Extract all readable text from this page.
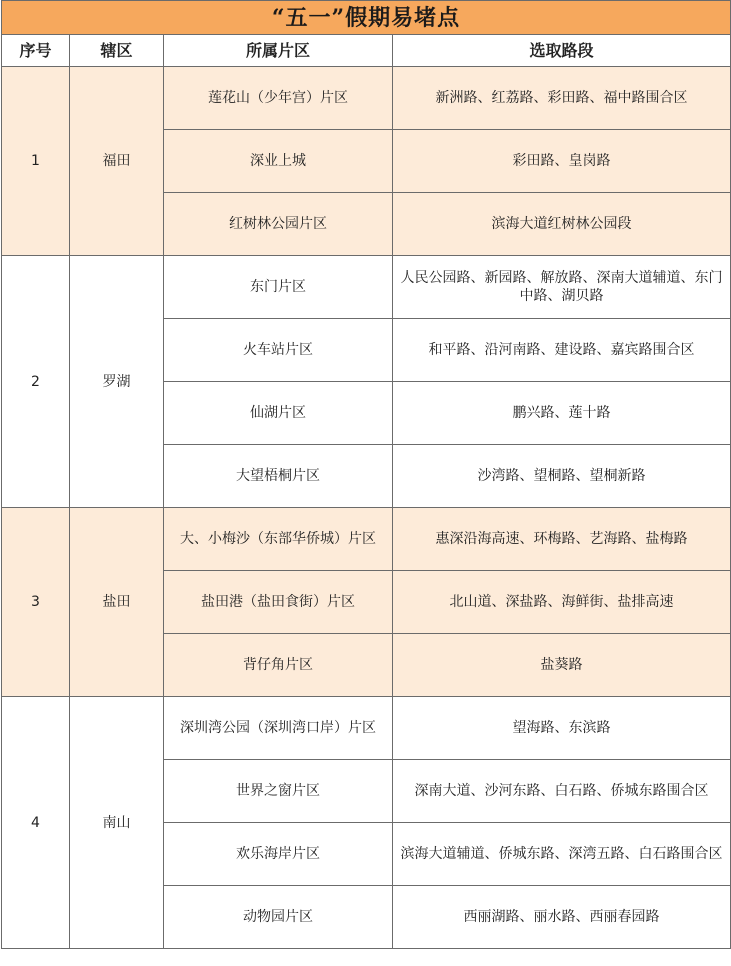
“五一”假期易堵点			
序号	辖区	所属片区	选取路段
1	福田	莲花山（少年宫）片区	新洲路、红荔路、彩田路、福中路围合区
		深业上城	彩田路、皇岗路
		红树林公园片区	滨海大道红树林公园段
2	罗湖	东门片区	人民公园路、新园路、解放路、深南大道辅道、东门中路、湖贝路
		火车站片区	和平路、沿河南路、建设路、嘉宾路围合区
		仙湖片区	鹏兴路、莲十路
		大望梧桐片区	沙湾路、望桐路、望桐新路
3	盐田	大、小梅沙（东部华侨城）片区	惠深沿海高速、环梅路、艺海路、盐梅路
		盐田港（盐田食街）片区	北山道、深盐路、海鲜街、盐排高速
		背仔角片区	盐葵路
4	南山	深圳湾公园（深圳湾口岸）片区	望海路、东滨路
		世界之窗片区	深南大道、沙河东路、白石路、侨城东路围合区
		欢乐海岸片区	滨海大道辅道、侨城东路、深湾五路、白石路围合区
		动物园片区	西丽湖路、丽水路、西丽春园路
